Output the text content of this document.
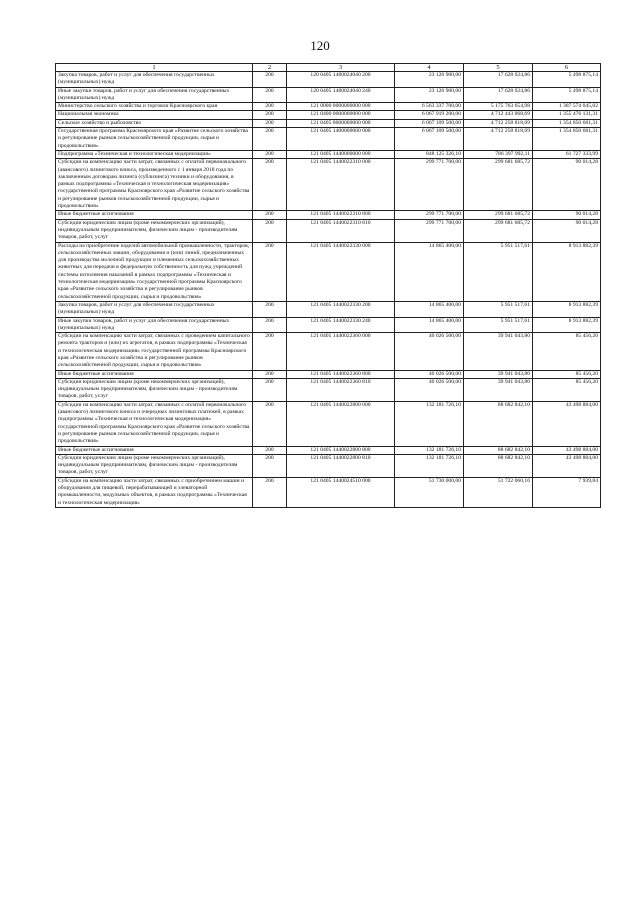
120
1	2	3	4	5	6
Закупка товаров, работ и услуг для обеспечения государственных (муниципальных) нужд	200	120 0405 1480024040 200	23 126 900,00	17 628 024,86	5 498 875,14
Иные закупки товаров, работ и услуг для обеспечения государственных (муниципальных) нужд	200	120 0405 1480024040 240	23 126 900,00	17 628 024,86	5 498 875,14
Министерство сельского хозяйства и торговли Красноярского края	200	121 0000 0000000000 000	6 563 337 700,00	5 175 763 654,98	1 387 574 045,02
Национальная экономика	200	121 0400 0000000000 000	6 067 919 200,00	4 712 443 068,69	1 355 476 131,31
Сельское хозяйство и рыболовство	200	121 0405 0000000000 000	6 067 109 500,00	4 712 258 818,69	1 354 850 681,31
Государственная программа Красноярского края «Развитие сельского хозяйства и регулирование рынков сельскохозяйственной продукции, сырья и продовольствия»	200	121 0405 1400000000 000	6 067 109 500,00	4 712 258 818,69	1 354 850 681,31
Подпрограмма «Техническая и технологическая модернизация»	200	121 0405 1440000000 000	848 125 326,10	786 397 992,11	61 727 333,99
Субсидии на компенсацию части затрат, связанных с оплатой первоначального (авансового) лизингового взноса, произведенного с 1 января 2018 года по заключенным договорам лизинга (сублизинга) техники и оборудования, в рамках подпрограммы «Техническая и технологическая модернизация» государственной программы Красноярского края «Развитие сельского хозяйства и регулирование рынков сельскохозяйственной продукции, сырья и продовольствия»	200	121 0405 1440022310 000	299 771 700,00	299 681 685,72	90 014,28
Иные бюджетные ассигнования	200	121 0405 1440022310 800	299 771 700,00	299 681 685,72	90 014,28
Субсидии юридическим лицам (кроме некоммерческих организаций), индивидуальным предпринимателям, физическим лицам - производителям товаров, работ, услуг	200	121 0405 1440022310 810	299 771 700,00	299 681 685,72	90 014,28
Расходы на приобретение изделий автомобильной промышленности, тракторов, сельскохозяйственных машин, оборудования и (или) линий, предназначенных для производства молочной продукции и племенных сельскохозяйственных животных для передачи в федеральную собственность для нужд учреждений системы исполнения наказаний в рамках подпрограммы «Техническая и технологическая модернизация» государственной программы Красноярского края «Развитие сельского хозяйства и регулирование рынков сельскохозяйственной продукции, сырья и продовольствия»	200	121 0405 1440022330 000	14 865 400,00	5 951 517,61	8 913 882,39
Закупка товаров, работ и услуг для обеспечения государственных (муниципальных) нужд	200	121 0405 1440022330 200	14 865 400,00	5 951 517,61	8 913 882,39
Иные закупки товаров, работ и услуг для обеспечения государственных (муниципальных) нужд	200	121 0405 1440022330 240	14 865 400,00	5 951 517,61	8 913 882,39
Субсидии на компенсацию части затрат, связанных с проведением капитального ремонта тракторов и (или) их агрегатов, в рамках подпрограммы «Техническая и технологическая модернизация» государственной программы Красноярского края «Развитие сельского хозяйства и регулирование рынков сельскохозяйственной продукции, сырья и продовольствия»	200	121 0405 1440022360 000	40 026 500,00	39 941 043,80	85 456,20
Иные бюджетные ассигнования	200	121 0405 1440022360 800	40 026 500,00	39 941 043,80	85 456,20
Субсидии юридическим лицам (кроме некоммерческих организаций), индивидуальным предпринимателям, физическим лицам - производителям товаров, работ, услуг	200	121 0405 1440022360 810	40 026 500,00	39 941 043,80	85 456,20
Субсидии на компенсацию части затрат, связанных с оплатой первоначального (авансового) лизингового взноса и очередных лизинговых платежей, в рамках подпрограммы «Техническая и технологическая модернизация» государственной программы Красноярского края «Развитие сельского хозяйства и регулирование рынков сельскохозяйственной продукции, сырья и продовольствия»	200	121 0405 1440022800 000	132 181 726,10	88 682 842,10	43 498 884,00
Иные бюджетные ассигнования	200	121 0405 1440022800 800	132 181 726,10	88 682 842,10	43 498 884,00
Субсидии юридическим лицам (кроме некоммерческих организаций), индивидуальным предпринимателям, физическим лицам - производителям товаров, работ, услуг	200	121 0405 1440022800 810	132 181 726,10	88 682 842,10	43 498 884,00
Субсидии на компенсацию части затрат, связанных с приобретением машин и оборудования для пищевой, перерабатывающей и элеваторной промышленности, модульных объектов, в рамках подпрограммы «Техническая и технологическая модернизация»	200	121 0405 1440024510 000	51 730 000,00	51 722 060,16	7 939,84
